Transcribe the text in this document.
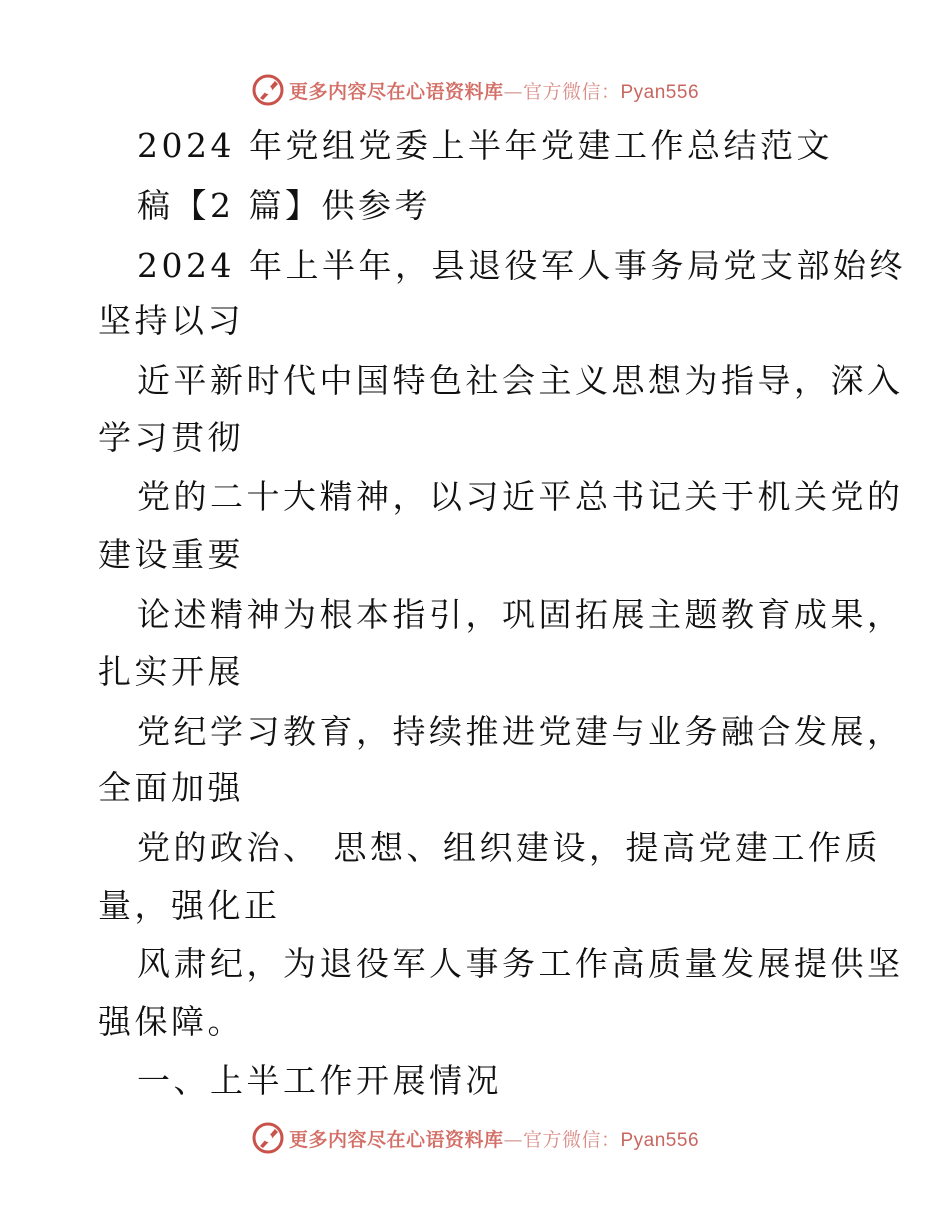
更多内容尽在心语资料库—官方微信：Pyan556
2024 年党组党委上半年党建工作总结范文
稿【2 篇】供参考
2024 年上半年，县退役军人事务局党支部始终
坚持以习
近平新时代中国特色社会主义思想为指导，深入
学习贯彻
党的二十大精神，以习近平总书记关于机关党的
建设重要
论述精神为根本指引，巩固拓展主题教育成果，
扎实开展
党纪学习教育，持续推进党建与业务融合发展，
全面加强
党的政治、 思想、组织建设，提高党建工作质
量，强化正
风肃纪，为退役军人事务工作高质量发展提供坚
强保障。
一、上半工作开展情况
更多内容尽在心语资料库—官方微信：Pyan556
